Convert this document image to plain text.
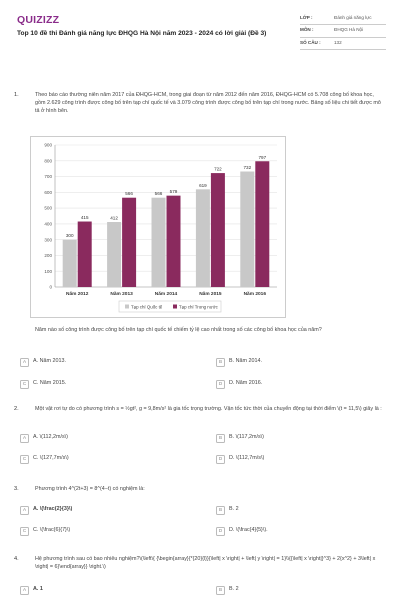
QUIZIZZ
Top 10 đề thi Đánh giá năng lực ĐHQG Hà Nội năm 2023 - 2024 có lời giải (Đề 3)
LỚP :	Đánh giá năng lực
MÔN :	ĐHQG Hà Nội
SỐ CÂU :	132
1.	Theo báo cáo thường niên năm 2017 của ĐHQG-HCM, trong giai đoạn từ năm 2012 đến năm 2016, ĐHQG-HCM có 5.708 công bố khoa học, gồm 2.629 công trình được công bố trên tạp chí quốc tế và 3.079 công trình được công bố trên tạp chí trong nước. Bảng số liệu chi tiết được mô tả ở hình bên.
0
100
200
300
400
500
600
700
800
900
300
415
Năm 2012
412
566
Năm 2013
566 579
Năm 2014
619
722
Năm 2015
732
797
Năm 2016
Tạp chí Quốc tế	Tạp chí Trong nước
Năm nào số công trình được công bố trên tạp chí quốc tế chiếm tỷ lệ cao nhất trong số các công bố khoa học của năm?
A	A. Năm 2013.	B	B. Năm 2014.
C	C. Năm 2015.	D	D. Năm 2016.
2.	Một vật rơi tự do có phương trình s = ½gt², g = 9,8m/s² là gia tốc trọng trường. Vận tốc tức thời của chuyển động tại thời điểm \(t = 11,5\) giây là :
A	A. \(112,2m/s\)	B	B. \(117,2m/s\)
C	C. \(127,7m/s\)	D	D. \(112,7m/s\)
3.	Phương trình 4^(2t+3) = 8^(4−t) có nghiệm là:
A	A. \(\frac{2}{3}\)	B	B. 2
C	C. \(\frac{6}{7}\)	D	D. \(\frac{4}{5}\).
4.	Hệ phương trình sau có bao nhiêu nghiệm?\(\left\{ {\begin{array}{*{20}{l}}{\left| x \right| + \left| y \right| = 1}\\{{\left| x \right|}^3} + 2{x^2} + 3\left| x \right| = 6}\end{array}} \right.\)
A	A. 1	B	B. 2
